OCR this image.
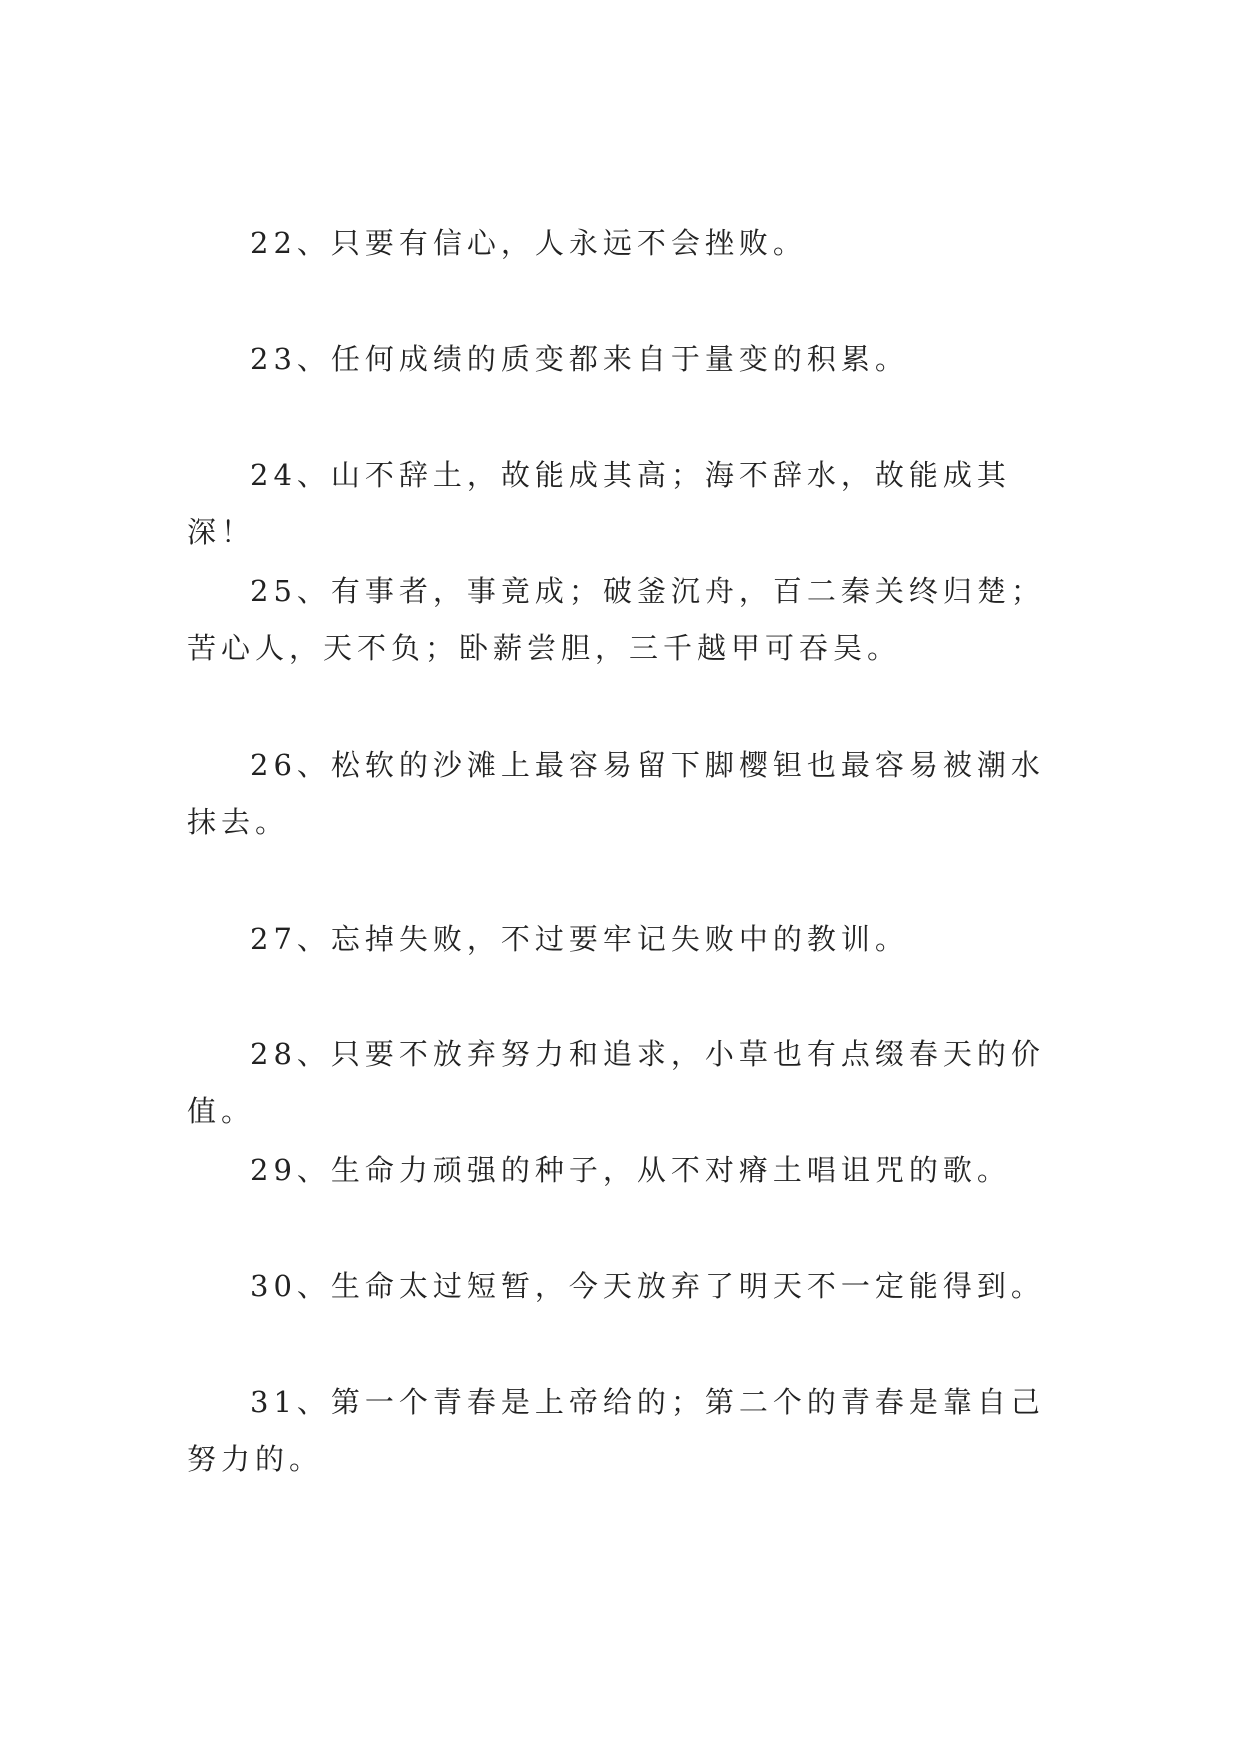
22、只要有信心，人永远不会挫败。

23、任何成绩的质变都来自于量变的积累。

24、山不辞土，故能成其高；海不辞水，故能成其深！

25、有事者，事竟成；破釜沉舟，百二秦关终归楚；苦心人，天不负；卧薪尝胆，三千越甲可吞吴。

26、松软的沙滩上最容易留下脚樱钽也最容易被潮水抹去。

27、忘掉失败，不过要牢记失败中的教训。

28、只要不放弃努力和追求，小草也有点缀春天的价值。

29、生命力顽强的种子，从不对瘠土唱诅咒的歌。

30、生命太过短暂，今天放弃了明天不一定能得到。

31、第一个青春是上帝给的；第二个的青春是靠自己努力的。
